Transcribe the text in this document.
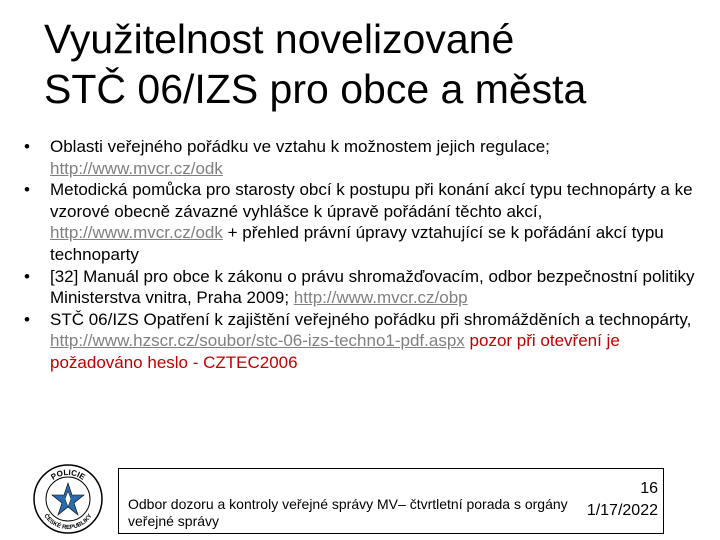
Využitelnost novelizované
STČ 06/IZS pro obce a města
• Oblasti veřejného pořádku ve vztahu k možnostem jejich regulace; http://www.mvcr.cz/odk
• Metodická pomůcka pro starosty obcí k postupu při konání akcí typu technopárty a ke vzorové obecně závazné vyhlášce k úpravě pořádání těchto akcí, http://www.mvcr.cz/odk + přehled právní úpravy vztahující se k pořádání akcí typu technoparty
• [32] Manuál pro obce k zákonu o právu shromažďovacím, odbor bezpečnostní politiky Ministerstva vnitra, Praha 2009; http://www.mvcr.cz/obp
• STČ 06/IZS Opatření k zajištění veřejného pořádku při shromážděních a technopárty, http://www.hzscr.cz/soubor/stc-06-izs-techno1-pdf.aspx pozor při otevření je požadováno heslo - CZTEC2006
POLICIE
ČESKÉ REPUBLIKY
Odbor dozoru a kontroly veřejné správy MV– čtvrtletní porada s orgány veřejné správy
16
1/17/2022
